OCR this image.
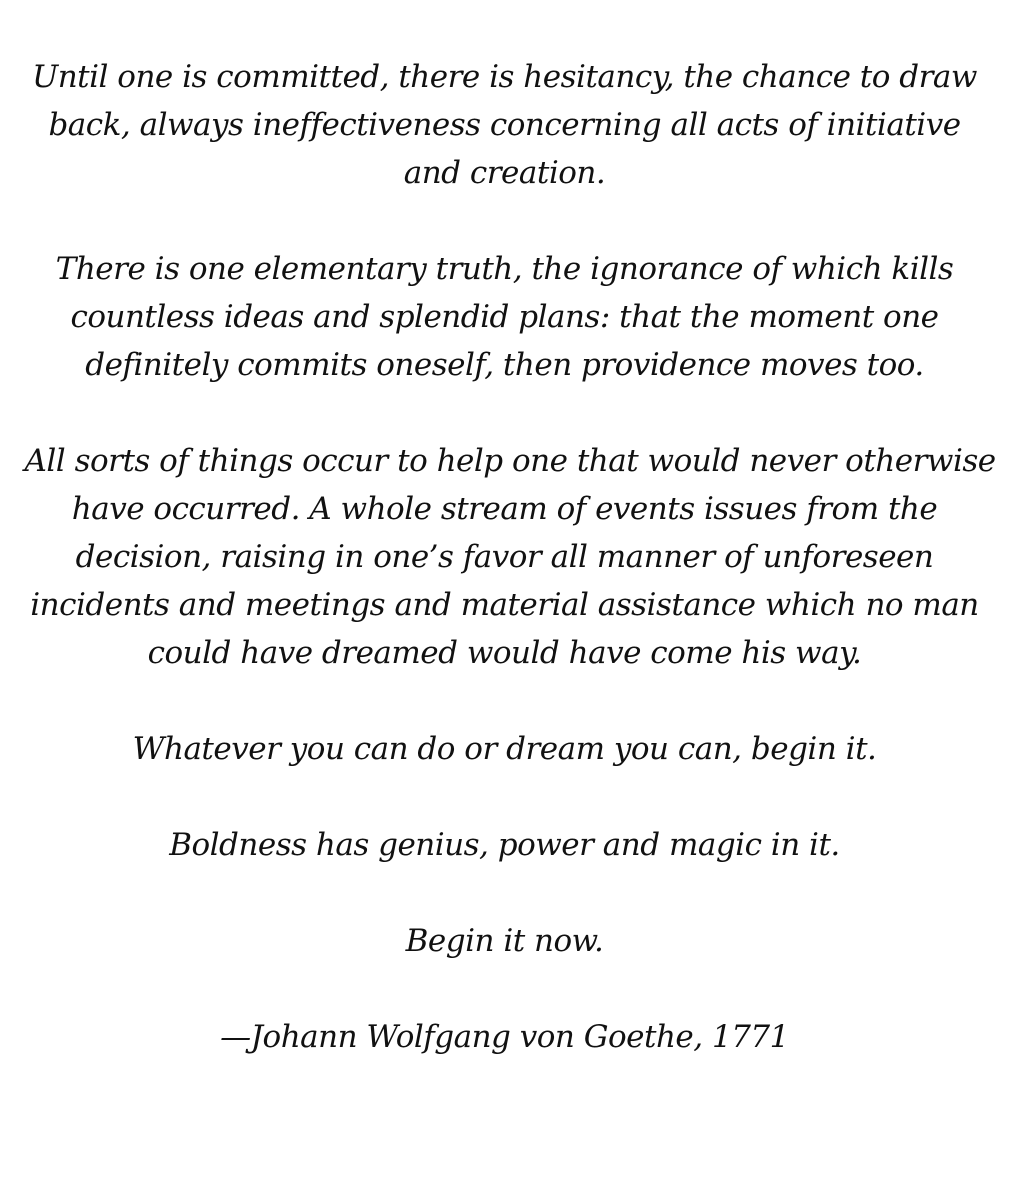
Until one is committed, there is hesitancy, the chance to draw
back, always ineffectiveness concerning all acts of initiative
and creation.

There is one elementary truth, the ignorance of which kills
countless ideas and splendid plans: that the moment one
definitely commits oneself, then providence moves too.

All sorts of things occur to help one that would never otherwise
have occurred. A whole stream of events issues from the
decision, raising in one’s favor all manner of unforeseen
incidents and meetings and material assistance which no man
could have dreamed would have come his way.

Whatever you can do or dream you can, begin it.

Boldness has genius, power and magic in it.

Begin it now.

—Johann Wolfgang von Goethe, 1771
